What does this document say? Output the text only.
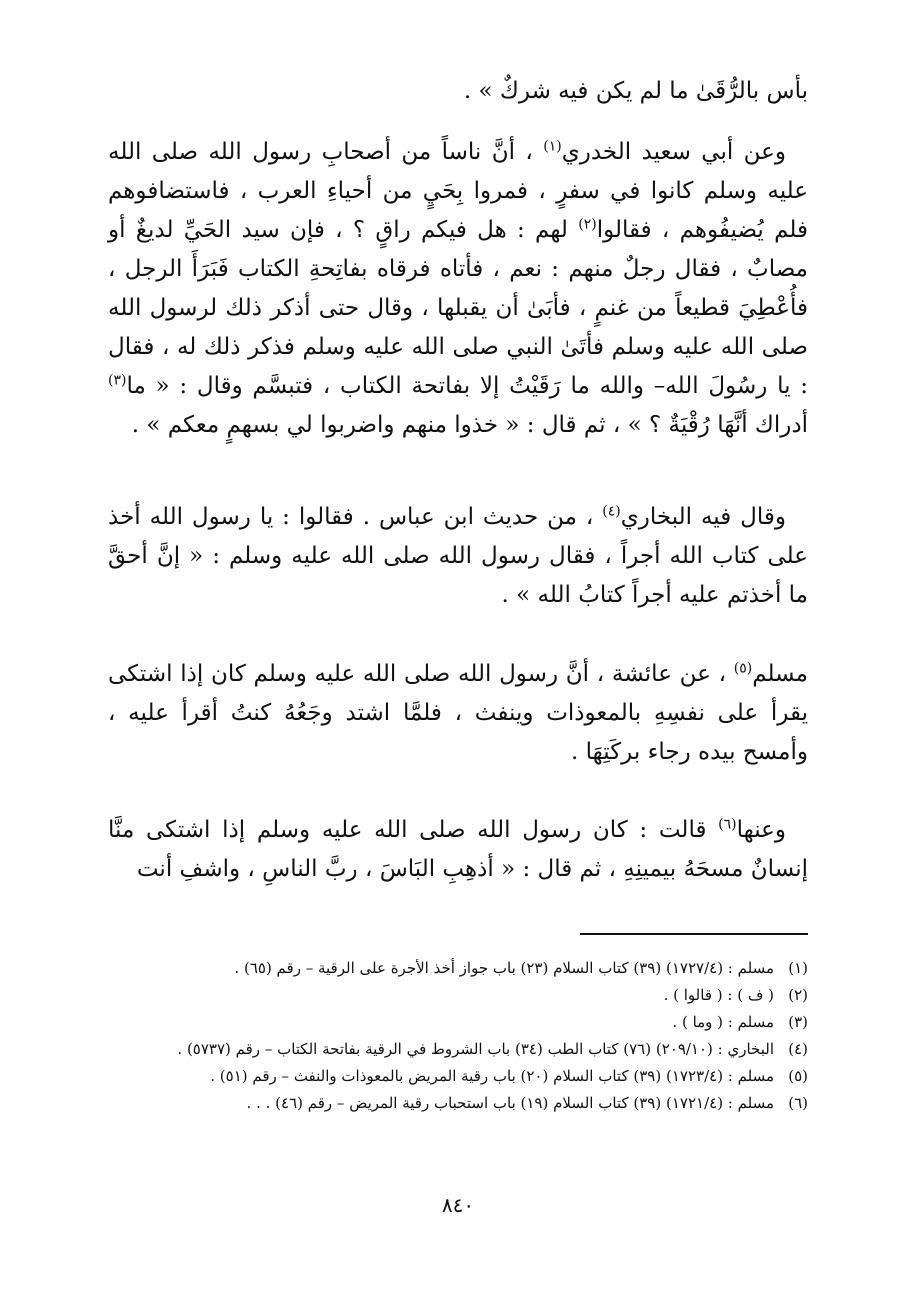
بأس بالرُّقَىٰ ما لم يكن فيه شركٌ » .

وعن أبي سعيد الخدري$^{(١)}$ ، أنَّ ناساً من أصحابِ رسول الله صلى الله عليه وسلم كانوا في سفرٍ ، فمروا بِحَيٍ من أحياءِ العرب ، فاستضافوهم فلم يُضيفُوهم ، فقالوا$^{(٢)}$ لهم : هل فيكم راقٍ ؟ ، فإن سيد الحَيِّ لديغٌ أو مصابٌ ، فقال رجلٌ منهم : نعم ، فأتاه فرقاه بفاتِحةِ الكتاب فَبَرَأَ الرجل ، فأُعْطِيَ قطيعاً من غنمٍ ، فأبَىٰ أن يقبلها ، وقال حتى أذكر ذلك لرسول الله صلى الله عليه وسلم فأتَىٰ النبي صلى الله عليه وسلم فذكر ذلك له ، فقال : يا رسُولَ الله– والله ما رَقَيْتُ إلا بفاتحة الكتاب ، فتبسَّم وقال : « ما$^{(٣)}$ أدراك أنَّهَا رُقْيَةٌ ؟ » ، ثم قال : « خذوا منهم واضربوا لي بسهمٍ معكم » .

وقال فيه البخاري$^{(٤)}$ ، من حديث ابن عباس . فقالوا : يا رسول الله أخذ على كتاب الله أجراً ، فقال رسول الله صلى الله عليه وسلم : « إنَّ أحقَّ ما أخذتم عليه أجراً كتابُ الله » .

مسلم$^{(٥)}$ ، عن عائشة ، أنَّ رسول الله صلى الله عليه وسلم كان إذا اشتكى يقرأ على نفسِهِ بالمعوذات وينفث ، فلمَّا اشتد وجَعُهُ كنتُ أقرأ عليه ، وأمسح بيده رجاء بركَتِهَا .

وعنها$^{(٦)}$ قالت : كان رسول الله صلى الله عليه وسلم إذا اشتكى منَّا إنسانٌ مسحَهُ بيمينِهِ ، ثم قال : « أذهِبِ البَاسَ ، ربَّ الناسِ ، واشفِ أنت

(١)
مسلم : (١٧٢٧/٤) (٣٩) كتاب السلام (٢٣) باب جواز أخذ الأجرة على الرقية – رقم (٦٥) .

(٢)
( ف ) : ( قالوا ) .

(٣)
مسلم : ( وما ) .

(٤)
البخاري : (٢٠٩/١٠) (٧٦) كتاب الطب (٣٤) باب الشروط في الرقية بفاتحة الكتاب – رقم (٥٧٣٧) .

(٥)
مسلم : (١٧٢٣/٤) (٣٩) كتاب السلام (٢٠) باب رقية المريض بالمعوذات والنفث – رقم (٥١) .

(٦)
مسلم : (١٧٢١/٤) (٣٩) كتاب السلام (١٩) باب استحباب رقية المريض – رقم (٤٦) . . .

٨٤٠
